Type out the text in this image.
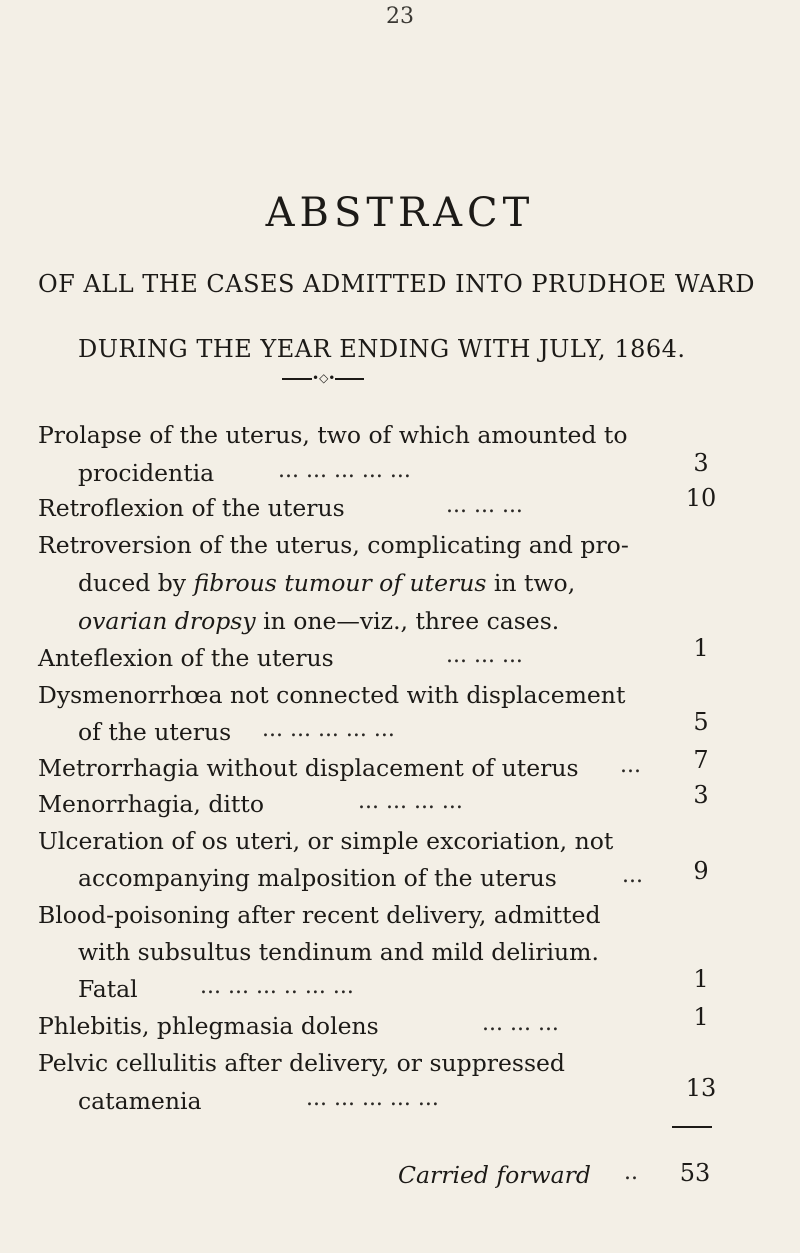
23
ABSTRACT
OF ALL THE CASES ADMITTED INTO PRUDHOE WARD
DURING THE YEAR ENDING WITH JULY, 1864.
•◇•
Prolapse of the uterus, two of which amounted to
procidentia	... ... ... ... ...	3
Retroflexion of the uterus	... ... ...	10
Retroversion of the uterus, complicating and pro-
duced by fibrous tumour of uterus in two,
ovarian dropsy in one—viz., three cases.
Anteflexion of the uterus	... ... ...	1
Dysmenorrhœa not connected with displacement
of the uterus ... ... ... ... ...	5
Metrorrhagia without displacement of uterus ...	7
Menorrhagia, ditto	... ... ... ...	3
Ulceration of os uteri, or simple excoriation, not
accompanying malposition of the uterus	...	9
Blood-poisoning after recent delivery, admitted
with subsultus tendinum and mild delirium.
Fatal	... ... ... .. ... ...	1
Phlebitis, phlegmasia dolens	... ... ...	1
Pelvic cellulitis after delivery, or suppressed
catamenia	... ... ... ... ...	13
Carried forward ..	53
